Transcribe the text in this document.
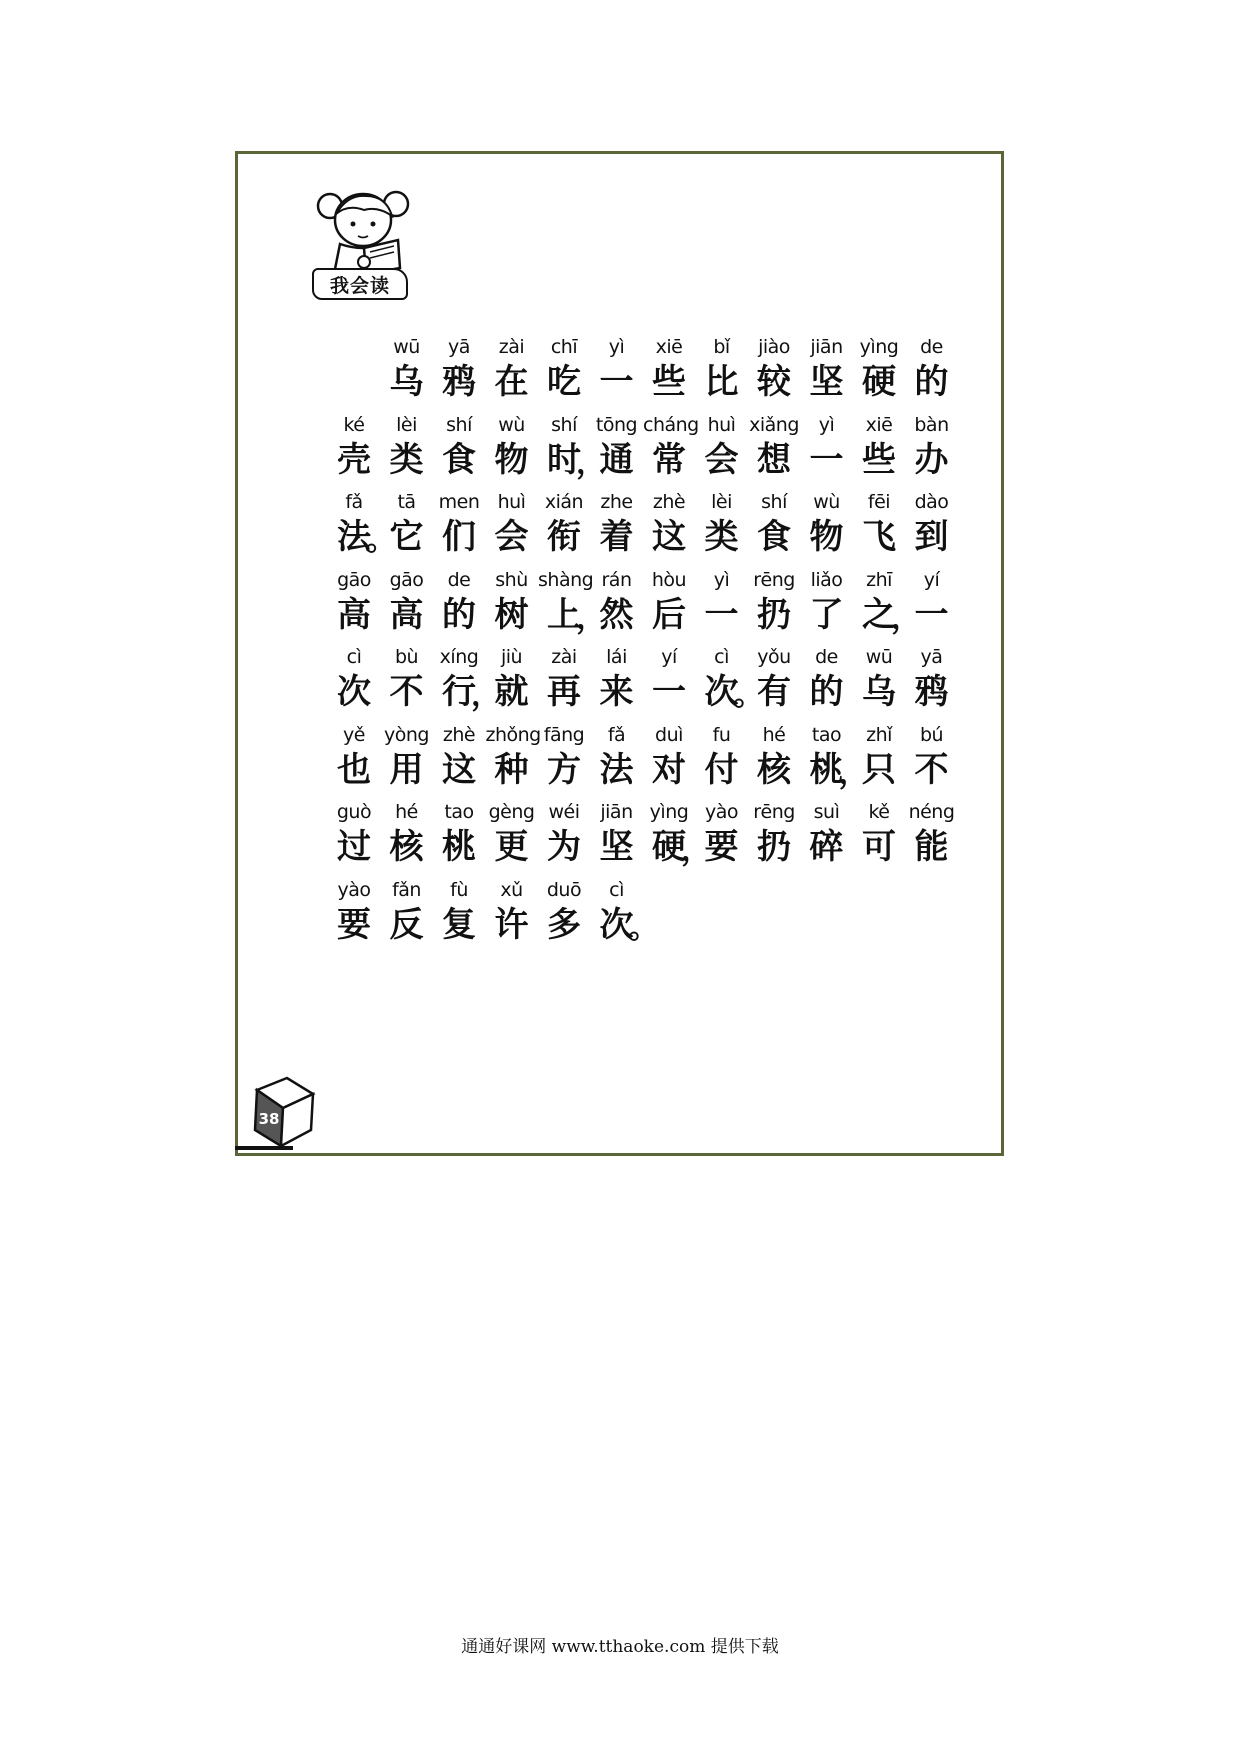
我会读
wū
乌
yā
鸦
zài
在
chī
吃
yì
一
xiē
些
bǐ
比
jiào
较
jiān
坚
yìng
硬
de
的
ké
壳
lèi
类
shí
食
wù
物
shí
时
，
tōng
通
cháng
常
huì
会
xiǎng
想
yì
一
xiē
些
bàn
办
fǎ
法
。
tā
它
men
们
huì
会
xián
衔
zhe
着
zhè
这
lèi
类
shí
食
wù
物
fēi
飞
dào
到
gāo
高
gāo
高
de
的
shù
树
shàng
上
，
rán
然
hòu
后
yì
一
rēng
扔
liǎo
了
zhī
之
，
yí
一
cì
次
bù
不
xíng
行
，
jiù
就
zài
再
lái
来
yí
一
cì
次
。
yǒu
有
de
的
wū
乌
yā
鸦
yě
也
yòng
用
zhè
这
zhǒng
种
fāng
方
fǎ
法
duì
对
fu
付
hé
核
tao
桃
，
zhǐ
只
bú
不
guò
过
hé
核
tao
桃
gèng
更
wéi
为
jiān
坚
yìng
硬
，
yào
要
rēng
扔
suì
碎
kě
可
néng
能
yào
要
fǎn
反
fù
复
xǔ
许
duō
多
cì
次
。
38
通通好课网 www.tthaoke.com 提供下载
